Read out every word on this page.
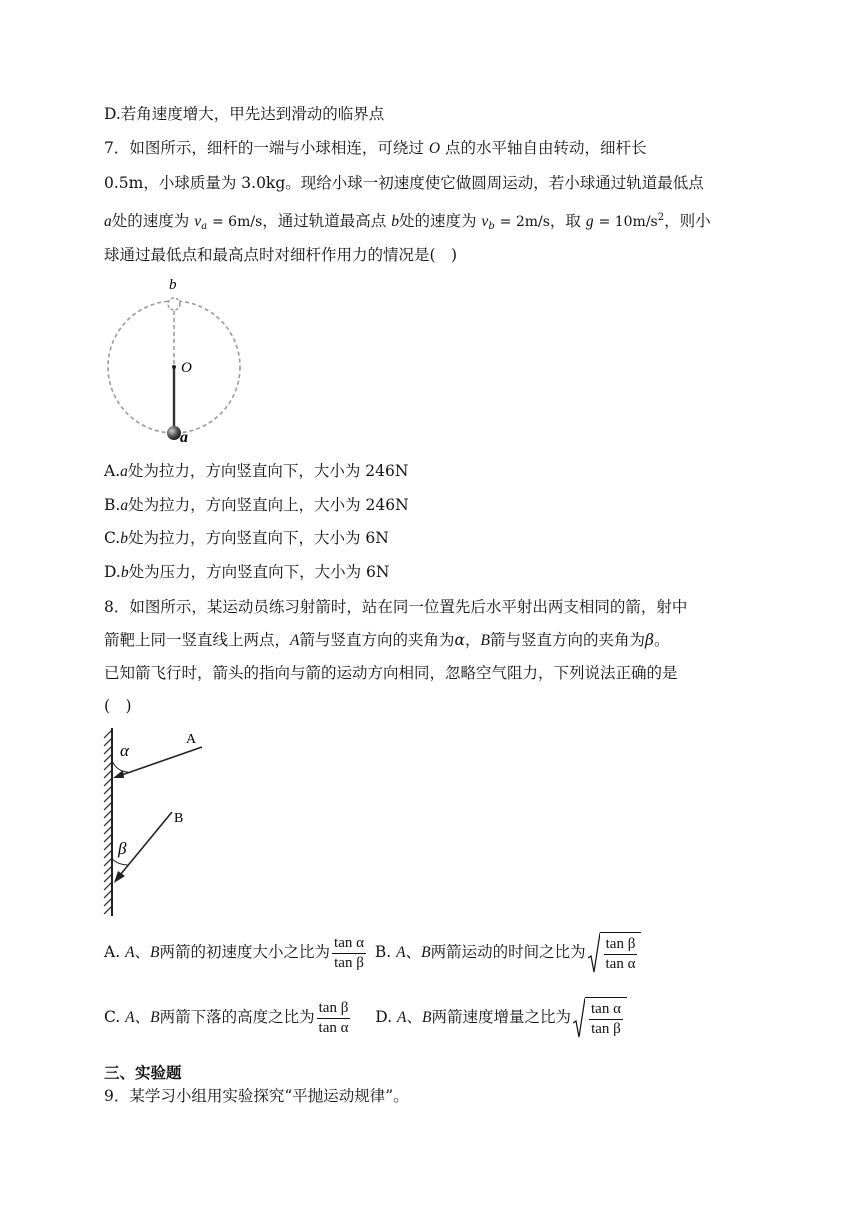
D.若角速度增大，甲先达到滑动的临界点
7．如图所示，细杆的一端与小球相连，可绕过 O 点的水平轴自由转动，细杆长
0.5m，小球质量为 3.0kg。现给小球一初速度使它做圆周运动，若小球通过轨道最低点
a处的速度为 $v_a = 6m/s$，通过轨道最高点 b处的速度为 $v_b = 2m/s$，取 $g = 10m/s^2$，则小
球通过最低点和最高点时对细杆作用力的情况是(　)
b
O
a
A.a处为拉力，方向竖直向下，大小为 246N
B.a处为拉力，方向竖直向上，大小为 246N
C.b处为拉力，方向竖直向下，大小为 6N
D.b处为压力，方向竖直向下，大小为 6N
8．如图所示，某运动员练习射箭时，站在同一位置先后水平射出两支相同的箭，射中
箭靶上同一竖直线上两点，A箭与竖直方向的夹角为α，B箭与竖直方向的夹角为β。
已知箭飞行时，箭头的指向与箭的运动方向相同，忽略空气阻力，下列说法正确的是
(　)
A
B
α
β
A. A、B两箭的初速度大小之比为 $\frac{\text{tan α}}{\text{tan β}} B$. A、B两箭运动的时间之比为 $\frac{\text{tan β}}{\text{tan α}}$
C. A、B两箭下落的高度之比为 $\frac{\text{tan β}}{\text{tan α}} D$. A、B两箭速度增量之比为 $\frac{\text{tan α}}{\text{tan β}}$
三、实验题
9．某学习小组用实验探究“平抛运动规律”。
